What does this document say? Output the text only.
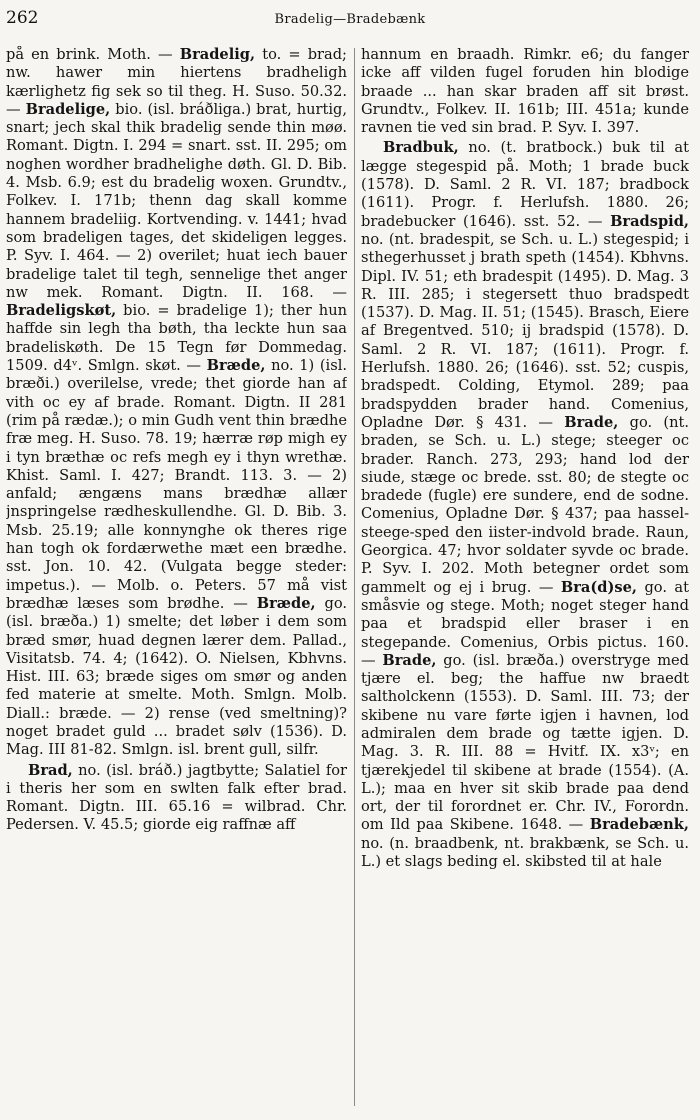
262	Bradelig—Bradebænk

på en brink. Moth. — Bradelig, to. = brad; nw. hawer min hiertens bradheligh kærlighetz fig sek so til theg. H. Suso. 50.32. — Bradelige, bio. (isl. bráðliga.) brat, hurtig, snart; jech skal thik bradelig sende thin møø. Romant. Digtn. I. 294 = snart. sst. II. 295; om noghen wordher bradhelighe døth. Gl. D. Bib. 4. Msb. 6.9; est du bradelig woxen. Grundtv., Folkev. I. 171b; thenn dag skall komme hannem bradeliig. Kortvending. v. 1441; hvad som bradeligen tages, det skideligen legges. P. Syv. I. 464. — 2) overilet; huat iech bauer bradelige talet til tegh, sennelige thet anger nw mek. Romant. Digtn. II. 168. — Bradeligskøt, bio. = bradelige 1); ther hun haffde sin legh tha bøth, tha leckte hun saa bradeliskøth. De 15 Tegn før Dommedag. 1509. d4ᵛ. Smlgn. skøt. — Bræde, no. 1) (isl. bræði.) overilelse, vrede; thet giorde han af vith oc ey af brade. Romant. Digtn. II 281 (rim på rædæ.); o min Gudh vent thin brædhe fræ meg. H. Suso. 78. 19; hærræ røp migh ey i tyn bræthæ oc refs megh ey i thyn wrethæ. Khist. Saml. I. 427; Brandt. 113. 3. — 2) anfald; ængæns mans brædhæ allær jnspringelse rædheskullendhe. Gl. D. Bib. 3. Msb. 25.19; alle konnynghe ok theres rige han togh ok fordærwethe mæt een brædhe. sst. Jon. 10. 42. (Vulgata begge steder: impetus.). — Molb. o. Peters. 57 må vist brædhæ læses som brødhe. — Bræde, go. (isl. bræða.) 1) smelte; det løber i dem som bræd smør, huad degnen lærer dem. Pallad., Visitatsb. 74. 4; (1642). O. Nielsen, Kbhvns. Hist. III. 63; bræde siges om smør og anden fed materie at smelte. Moth. Smlgn. Molb. Diall.: bræde. — 2) rense (ved smeltning)? noget bradet guld ... bradet sølv (1536). D. Mag. III 81-82. Smlgn. isl. brent gull, silfr.

Brad, no. (isl. bráð.) jagtbytte; Salatiel for i theris her som en swlten falk efter brad. Romant. Digtn. III. 65.16 = wilbrad. Chr. Pedersen. V. 45.5; giorde eig raffnæ aff

hannum en braadh. Rimkr. e6; du fanger icke aff vilden fugel foruden hin blodige braade ... han skar braden aff sit brøst. Grundtv., Folkev. II. 161b; III. 451a; kunde ravnen tie ved sin brad. P. Syv. I. 397.

Bradbuk, no. (t. bratbock.) buk til at lægge stegespid på. Moth; 1 brade buck (1578). D. Saml. 2 R. VI. 187; bradbock (1611). Progr. f. Herlufsh. 1880. 26; bradebucker (1646). sst. 52. — Bradspid, no. (nt. bradespit, se Sch. u. L.) stegespid; i sthegerhusset j brath speth (1454). Kbhvns. Dipl. IV. 51; eth bradespit (1495). D. Mag. 3 R. III. 285; i stegersett thuo bradspedt (1537). D. Mag. II. 51; (1545). Brasch, Eiere af Bregentved. 510; ij bradspid (1578). D. Saml. 2 R. VI. 187; (1611). Progr. f. Herlufsh. 1880. 26; (1646). sst. 52; cuspis, bradspedt. Colding, Etymol. 289; paa bradspydden brader hand. Comenius, Opladne Dør. § 431. — Brade, go. (nt. braden, se Sch. u. L.) stege; steeger oc brader. Ranch. 273, 293; hand lod der siude, stæge oc brede. sst. 80; de stegte oc bradede (fugle) ere sundere, end de sodne. Comenius, Opladne Dør. § 437; paa hassel-steege-sped den iister-indvold brade. Raun, Georgica. 47; hvor soldater syvde oc brade. P. Syv. I. 202. Moth betegner ordet som gammelt og ej i brug. — Bra(d)se, go. at småsvie og stege. Moth; noget steger hand paa et bradspid eller braser i en stegepande. Comenius, Orbis pictus. 160. — Brade, go. (isl. bræða.) overstryge med tjære el. beg; the haffue nw braedt saltholckenn (1553). D. Saml. III. 73; der skibene nu vare førte igjen i havnen, lod admiralen dem brade og tætte igjen. D. Mag. 3. R. III. 88 = Hvitf. IX. x3ᵛ; en tjærekjedel til skibene at brade (1554). (A. L.); maa en hver sit skib brade paa dend ort, der til forordnet er. Chr. IV., Forordn. om Ild paa Skibene. 1648. — Bradebænk, no. (n. braadbenk, nt. brakbænk, se Sch. u. L.) et slags beding el. skibsted til at hale
